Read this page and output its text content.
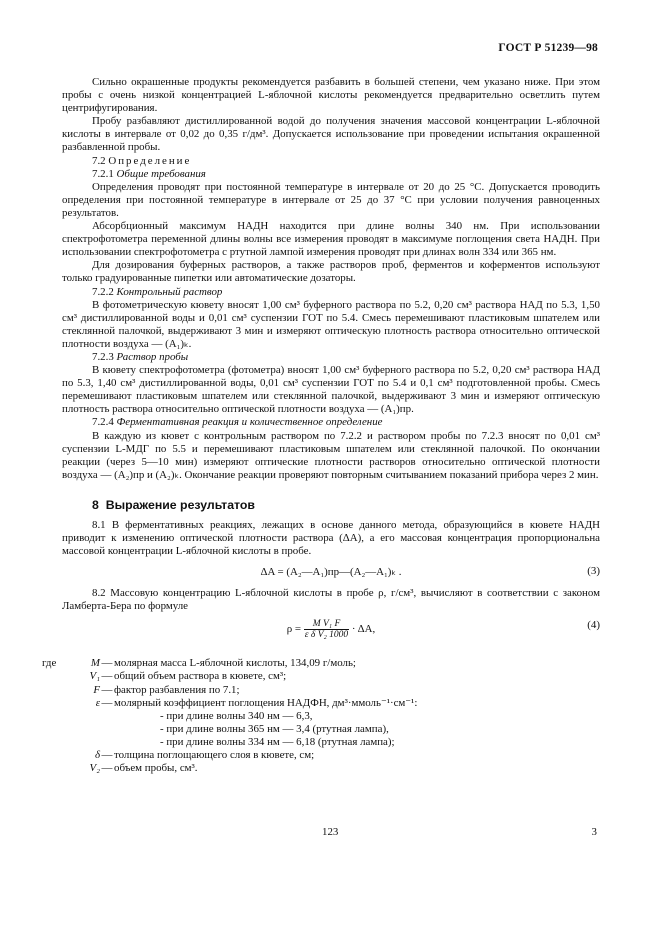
ГОСТ Р 51239—98

Сильно окрашенные продукты рекомендуется разбавить в большей степени, чем указано ниже. При этом пробы с очень низкой концентрацией L-яблочной кислоты рекомендуется предварительно осветлить путем центрифугирования.

Пробу разбавляют дистиллированной водой до получения значения массовой концентрации L-яблочной кислоты в интервале от 0,02 до 0,35 г/дм³. Допускается использование при проведении испытания окрашенной разбавленной пробы.

7.2 Определение

7.2.1 Общие требования

Определения проводят при постоянной температуре в интервале от 20 до 25 °С. Допускается проводить определения при постоянной температуре в интервале от 25 до 37 °С при условии получения равноценных результатов.

Абсорбционный максимум НАДН находится при длине волны 340 нм. При использовании спектрофотометра переменной длины волны все измерения проводят в максимуме поглощения света НАДН. При использовании спектрофотометра с ртутной лампой измерения проводят при длинах волн 334 или 365 нм.

Для дозирования буферных растворов, а также растворов проб, ферментов и коферментов используют только градуированные пипетки или автоматические дозаторы.

7.2.2 Контрольный раствор

В фотометрическую кювету вносят 1,00 см³ буферного раствора по 5.2, 0,20 см³ раствора НАД по 5.3, 1,50 см³ дистиллированной воды и 0,01 см³ суспензии ГОТ по 5.4. Смесь перемешивают пластиковым шпателем или стеклянной палочкой, выдерживают 3 мин и измеряют оптическую плотность раствора относительно оптической плотности воздуха — (A₁)ₖ.

7.2.3 Раствор пробы

В кювету спектрофотометра (фотометра) вносят 1,00 см³ буферного раствора по 5.2, 0,20 см³ раствора НАД по 5.3, 1,40 см³ дистиллированной воды, 0,01 см³ суспензии ГОТ по 5.4 и 0,1 см³ подготовленной пробы. Смесь перемешивают пластиковым шпателем или стеклянной палочкой, выдерживают 3 мин и измеряют оптическую плотность раствора относительно оптической плотности воздуха — (A₁)пр.

7.2.4 Ферментативная реакция и количественное определение

В каждую из кювет с контрольным раствором по 7.2.2 и раствором пробы по 7.2.3 вносят по 0,01 см³ суспензии L-МДГ по 5.5 и перемешивают пластиковым шпателем или стеклянной палочкой. По окончании реакции (через 5—10 мин) измеряют оптические плотности растворов относительно оптической плотности воздуха — (A₂)пр и (A₂)ₖ. Окончание реакции проверяют повторным считыванием показаний прибора через 2 мин.

8 Выражение результатов

8.1 В ферментативных реакциях, лежащих в основе данного метода, образующийся в кювете НАДН приводит к изменению оптической плотности раствора (ΔA), а его массовая концентрация пропорциональна массовой концентрации L-яблочной кислоты в пробе.

ΔA = (A₂—A₁)пр—(A₂—A₁)ₖ .	(3)

8.2 Массовую концентрацию L-яблочной кислоты в пробе ρ, г/см³, вычисляют в соответствии с законом Ламберта-Бера по формуле

$\rho = \frac{\text{M V₁ F}}{\text{ε δ V₂ 1000}} \cdot \Delta A$,	(4)
где	M — молярная масса L-яблочной кислоты, 134,09 г/моль;
V₁ — общий объем раствора в кювете, см³;
F — фактор разбавления по 7.1;
ε — молярный коэффициент поглощения НАДФН, дм³·ммоль⁻¹·см⁻¹:

- при длине волны 340 нм — 6,3,

- при длине волны 365 нм — 3,4 (ртутная лампа),

- при длине волны 334 нм — 6,18 (ртутная лампа);

δ — толщина поглощающего слоя в кювете, см;
V₂ — объем пробы, см³.
123	3
